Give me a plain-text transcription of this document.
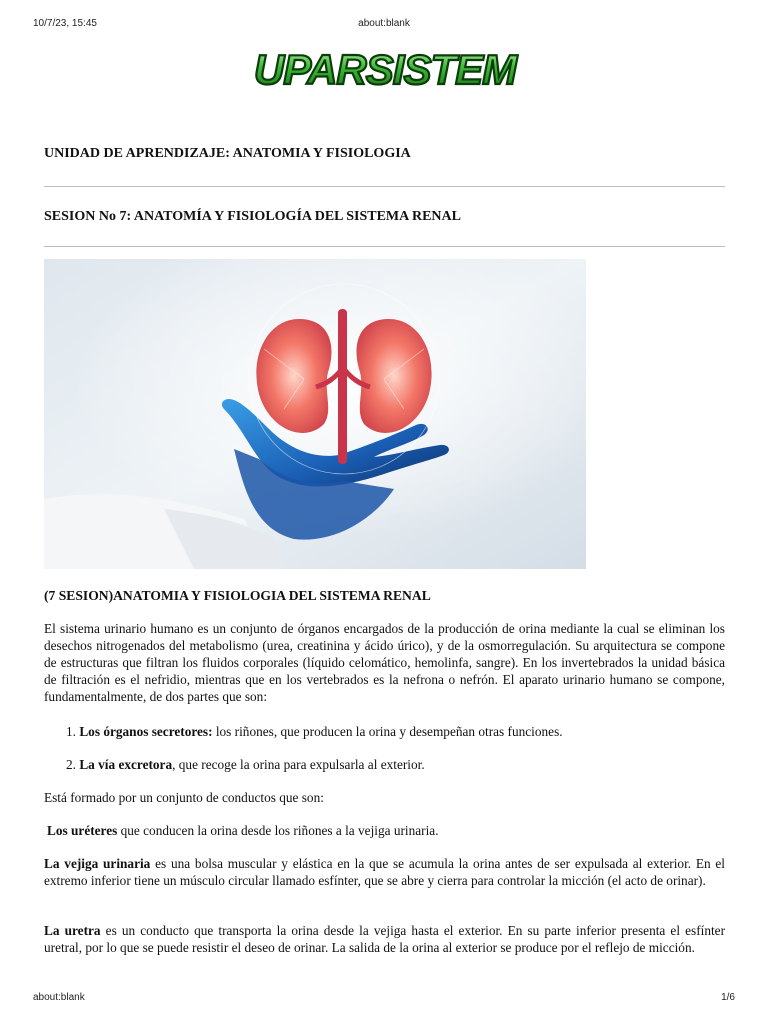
10/7/23, 15:45	about:blank
UPARSISTEM

UNIDAD DE APRENDIZAJE: ANATOMIA Y FISIOLOGIA

SESION No 7: ANATOMÍA Y FISIOLOGÍA DEL SISTEMA RENAL

(7 SESION)ANATOMIA Y FISIOLOGIA DEL SISTEMA RENAL
El sistema urinario humano es un conjunto de órganos encargados de la producción de orina mediante la cual se eliminan los desechos nitrogenados del metabolismo (urea, creatinina y ácido úrico), y de la osmorregulación. Su arquitectura se compone de estructuras que filtran los fluidos corporales (líquido celomático, hemolinfa, sangre). En los invertebrados la unidad básica de filtración es el nefridio, mientras que en los vertebrados es la nefrona o nefrón. El aparato urinario humano se compone, fundamentalmente, de dos partes que son:
1. Los órganos secretores: los riñones, que producen la orina y desempeñan otras funciones.
2. La vía excretora, que recoge la orina para expulsarla al exterior.
Está formado por un conjunto de conductos que son:
Los uréteres que conducen la orina desde los riñones a la vejiga urinaria.
La vejiga urinaria es una bolsa muscular y elástica en la que se acumula la orina antes de ser expulsada al exterior. En el extremo inferior tiene un músculo circular llamado esfínter, que se abre y cierra para controlar la micción (el acto de orinar).
La uretra es un conducto que transporta la orina desde la vejiga hasta el exterior. En su parte inferior presenta el esfínter uretral, por lo que se puede resistir el deseo de orinar. La salida de la orina al exterior se produce por el reflejo de micción.
about:blank	1/6
